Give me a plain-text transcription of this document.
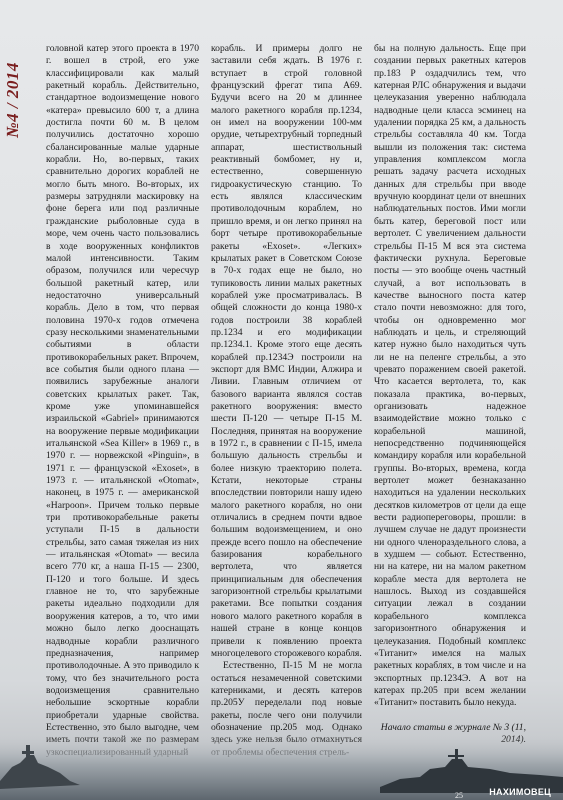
№4 / 2014

головной катер этого проекта в 1970 г. вошел в строй, его уже классифицировали как малый ракетный корабль. Действительно, стандартное водоизмещение нового «катера» превысило 600 т, а длина достигла почти 60 м. В целом получились достаточно хорошо сбалансированные малые ударные корабли. Но, во-первых, таких сравнительно дорогих кораблей не могло быть много. Во-вторых, их размеры затрудняли маскировку на фоне берега или под различные гражданские рыболовные суда в море, чем очень часто пользовались в ходе вооруженных конфликтов малой интенсивности. Таким образом, получился или чересчур большой ракетный катер, или недостаточно универсальный корабль. Дело в том, что первая половина 1970-х годов отмечена сразу несколькими знаменательными событиями в области противокорабельных ракет. Впрочем, все события были одного плана — появились зарубежные аналоги советских крылатых ракет. Так, кроме уже упоминавшейся израильской «Gabriel» принимаются на вооружение первые модификации итальянской «Sea Killer» в 1969 г., в 1970 г. — норвежской «Pinguin», в 1971 г. — французской «Exoset», в 1973 г. — итальянской «Otomat», наконец, в 1975 г. — американской «Harpoon». Причем только первые три противокорабельные ракеты уступали П-15 в дальности стрельбы, зато самая тяжелая из них — итальянская «Otomat» — весила всего 770 кг, а наша П-15 — 2300, П-120 и того больше. И здесь главное не то, что зарубежные ракеты идеально подходили для вооружения катеров, а то, что ими можно было легко дооснащать надводные корабли различного предназначения, например противолодочные. А это приводило к тому, что без значительного роста водоизмещения сравнительно небольшие эскортные корабли приобретали ударные свойства. Естественно, это было выгодне, чем

корабль. И примеры долго не заставили себя ждать. В 1976 г. вступает в строй головной французский фрегат типа А69. Будучи всего на 20 м длиннее малого ракетного корабля пр.1234, он имел на вооружении 100-мм орудие, четырехтрубный торпедный аппарат, шестиствольный реактивный бомбомет, ну и, естественно, совершенную гидроакустическую станцию. То есть являлся классическим противолодочным кораблем, но пришло время, и он легко принял на борт четыре противокорабельные ракеты «Exoset». «Легких» крылатых ракет в Советском Союзе в 70-х годах еще не было, но тупиковость линии малых ракетных кораблей уже просматривалась. В общей сложности до конца 1980-х годов построили 38 кораблей пр.1234 и его модификации пр.1234.1. Кроме этого еще десять кораблей пр.1234Э построили на экспорт для ВМС Индии, Алжира и Ливии. Главным отличием от базового варианта являлся состав ракетного вооружения: вместо шести П-120 — четыре П-15 М. Последняя, принятая на вооружение в 1972 г., в сравнении с П-15, имела большую дальность стрельбы и более низкую траекторию полета. Кстати, некоторые страны впоследствии повторили нашу идею малого ракетного корабля, но они отличались в среднем почти вдвое большим водоизмещением, и оно прежде всего пошло на обеспечение базирования корабельного вертолета, что является принципиальным для обеспечения загоризонтной стрельбы крылатыми ракетами. Все попытки создания нового малого ракетного корабля в нашей стране в конце концов привели к появлению проекта многоцелевого сторожевого корабля.

Естественно, П-15 М не могла остаться незамеченной советскими катерниками, и десять катеров пр.205У переделали под новые ракеты, после чего они получили обозначение пр.205 мод. Однако

бы на полную дальность. Еще при создании первых ракетных катеров пр.183 Р оздадчились тем, что катерная РЛС обнаружения и выдачи целеуказания уверенно наблюдала надводные цели класса эсминец на удалении порядка 25 км, а дальность стрельбы составляла 40 км. Тогда вышли из положения так: система управления комплексом могла решать задачу расчета исходных данных для стрельбы при вводе вручную координат цели от внешних наблюдательных постов. Ими могли быть катер, береговой пост или вертолет. С увеличением дальности стрельбы П-15 М вся эта система фактически рухнула. Береговые посты — это вообще очень частный случай, а вот использовать в качестве выносного поста катер стало почти невозможно: для того, чтобы он одновременно мог наблюдать и цель, и стреляющий катер нужно было находиться чуть ли не на пеленге стрельбы, а это чревато поражением своей ракетой. Что касается вертолета, то, как показала практика, во-первых, организовать надежное взаимодействие можно только с корабельной машиной, непосредственно подчиняющейся командиру корабля или корабельной группы. Во-вторых, времена, когда вертолет может безнаказанно находиться на удалении нескольких десятков километров от цели да еще вести радиопереговоры, прошли: в лучшем случае не дадут произнести ни одного членораздельного слова, а в худшем — собьют. Естественно, ни на катере, ни на малом ракетном корабле места для вертолета не нашлось. Выход из создавшейся ситуации лежал в создании корабельного комплекса загоризонтного обнаружения и целеуказания. Подобный комплекс «Титанит» имелся на малых ракетных кораблях, в том числе и на экспортных пр.1234Э. А вот на катерах пр.205 при всем желании «Титанит» поставить было некуда.

Начало статьи в журнале № 3 (11,
25	НАХИМОВЕЦ
